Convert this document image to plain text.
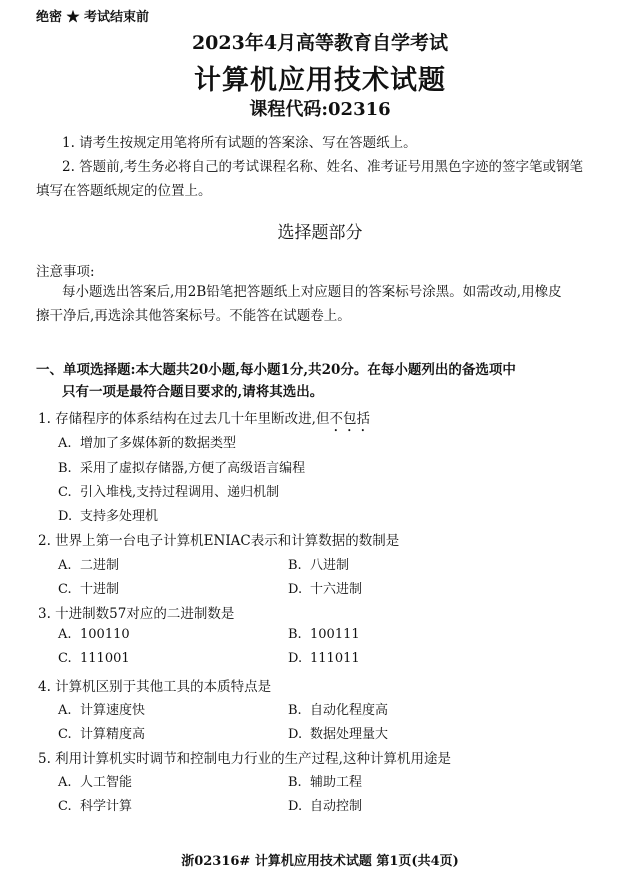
绝密 ★ 考试结束前
2023年4月高等教育自学考试
计算机应用技术试题
课程代码:02316
1. 请考生按规定用笔将所有试题的答案涂、写在答题纸上。
2. 答题前,考生务必将自己的考试课程名称、姓名、准考证号用黑色字迹的签字笔或钢笔
填写在答题纸规定的位置上。
选择题部分
注意事项:
每小题选出答案后,用2B铅笔把答题纸上对应题目的答案标号涂黑。如需改动,用橡皮
擦干净后,再选涂其他答案标号。不能答在试题卷上。
一、单项选择题:本大题共20小题,每小题1分,共20分。在每小题列出的备选项中
只有一项是最符合题目要求的,请将其选出。
1. 存储程序的体系结构在过去几十年里断改进,但不包括
A. 增加了多媒体新的数据类型
B. 采用了虚拟存储器,方便了高级语言编程
C. 引入堆栈,支持过程调用、递归机制
D. 支持多处理机
2. 世界上第一台电子计算机ENIAC表示和计算数据的数制是
A. 二进制	B. 八进制
C. 十进制	D. 十六进制
3. 十进制数57对应的二进制数是
A. 100110	B. 100111
C. 111001	D. 111011
4. 计算机区别于其他工具的本质特点是
A. 计算速度快	B. 自动化程度高
C. 计算精度高	D. 数据处理量大
5. 利用计算机实时调节和控制电力行业的生产过程,这种计算机用途是
A. 人工智能	B. 辅助工程
C. 科学计算	D. 自动控制
浙02316# 计算机应用技术试题 第1页(共4页)
